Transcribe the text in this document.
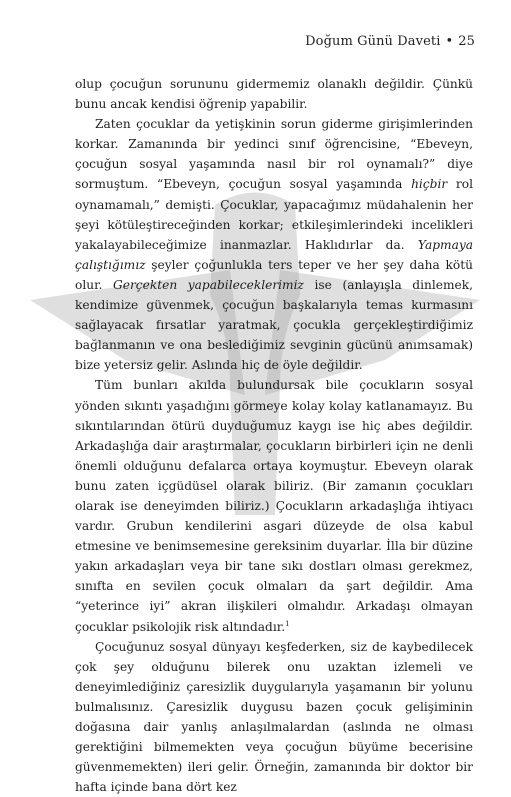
Doğum Günü Daveti • 25

olup çocuğun sorununu gidermemiz olanaklı değildir. Çünkü bunu ancak kendisi öğrenip yapabilir.

Zaten çocuklar da yetişkinin sorun giderme girişimlerinden korkar. Zamanında bir yedinci sınıf öğrencisine, “Ebeveyn, çocuğun sosyal yaşamında nasıl bir rol oynamalı?” diye sormuştum. “Ebeveyn, çocuğun sosyal yaşamında hiçbir rol oynamamalı,” demişti. Çocuklar, yapacağımız müdahalenin her şeyi kötüleştireceğinden korkar; etkileşimlerindeki incelikleri yakalayabileceğimize inanmazlar. Haklıdırlar da. Yapmaya çalıştığımız şeyler çoğunlukla ters teper ve her şey daha kötü olur. Gerçekten yapabileceklerimiz ise (anlayışla dinlemek, kendimize güvenmek, çocuğun başkalarıyla temas kurmasını sağlayacak fırsatlar yaratmak, çocukla gerçekleştirdiğimiz bağlanmanın ve ona beslediğimiz sevginin gücünü anımsamak) bize yetersiz gelir. Aslında hiç de öyle değildir.

Tüm bunları akılda bulundursak bile çocukların sosyal yönden sıkıntı yaşadığını görmeye kolay kolay katlanamayız. Bu sıkıntılarından ötürü duyduğumuz kaygı ise hiç abes değildir. Arkadaşlığa dair araştırmalar, çocukların birbirleri için ne denli önemli olduğunu defalarca ortaya koymuştur. Ebeveyn olarak bunu zaten içgüdüsel olarak biliriz. (Bir zamanın çocukları olarak ise deneyimden biliriz.) Çocukların arkadaşlığa ihtiyacı vardır. Grubun kendilerini asgari düzeyde de olsa kabul etmesine ve benimsemesine gereksinim duyarlar. İlla bir düzine yakın arkadaşları veya bir tane sıkı dostları olması gerekmez, sınıfta en sevilen çocuk olmaları da şart değildir. Ama “yeterince iyi” akran ilişkileri olmalıdır. Arkadaşı olmayan çocuklar psikolojik risk altındadır.$^1$

Çocuğunuz sosyal dünyayı keşfederken, siz de kaybedilecek çok şey olduğunu bilerek onu uzaktan izlemeli ve deneyimlediğiniz çaresizlik duygularıyla yaşamanın bir yolunu bulmalısınız. Çaresizlik duygusu bazen çocuk gelişiminin doğasına dair yanlış anlaşılmalardan (aslında ne olması gerektiğini bilmemekten veya çocuğun büyüme becerisine güvenmemekten) ileri gelir. Örneğin, zamanında bir doktor bir hafta içinde bana dört kez
